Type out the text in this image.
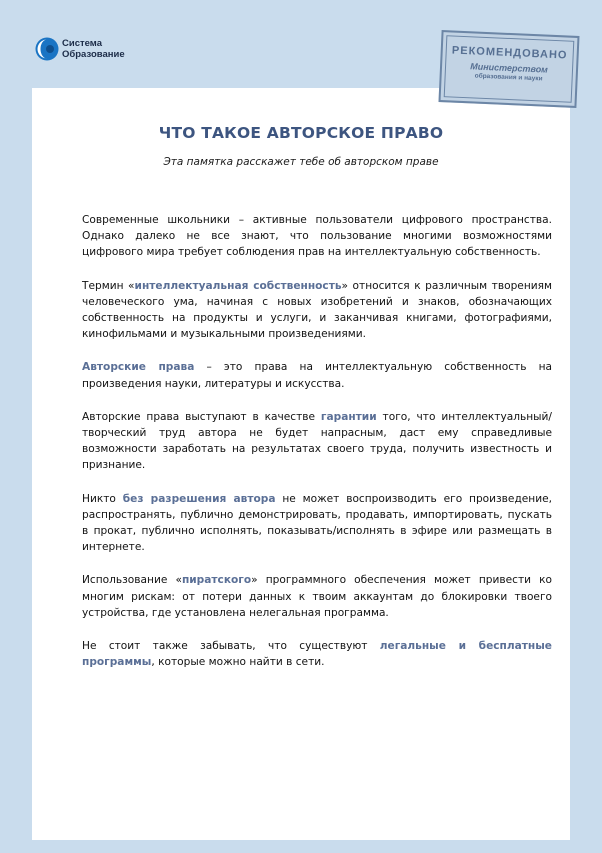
Система
Образование	РЕКОМЕНДОВАНО
Министерством
образования и науки
ЧТО ТАКОЕ АВТОРСКОЕ ПРАВО
Эта памятка расскажет тебе об авторском праве

Современные школьники – активные пользователи цифрового пространства. Однако далеко не все знают, что пользование многими возможностями цифрового мира требует соблюдения прав на интеллектуальную собственность.

Термин «интеллектуальная собственность» относится к различным творениям человеческого ума, начиная с новых изобретений и знаков, обозначающих собственность на продукты и услуги, и заканчивая книгами, фотографиями, кинофильмами и музыкальными произведениями.

Авторские права – это права на интеллектуальную собственность на произведения науки, литературы и искусства.

Авторские права выступают в качестве гарантии того, что интеллектуальный/творческий труд автора не будет напрасным, даст ему справедливые возможности заработать на результатах своего труда, получить известность и признание.

Никто без разрешения автора не может воспроизводить его произведение, распространять, публично демонстрировать, продавать, импортировать, пускать в прокат, публично исполнять, показывать/исполнять в эфире или размещать в интернете.

Использование «пиратского» программного обеспечения может привести ко многим рискам: от потери данных к твоим аккаунтам до блокировки твоего устройства, где установлена нелегальная программа.

Не стоит также забывать, что существуют легальные и бесплатные программы, которые можно найти в сети.
